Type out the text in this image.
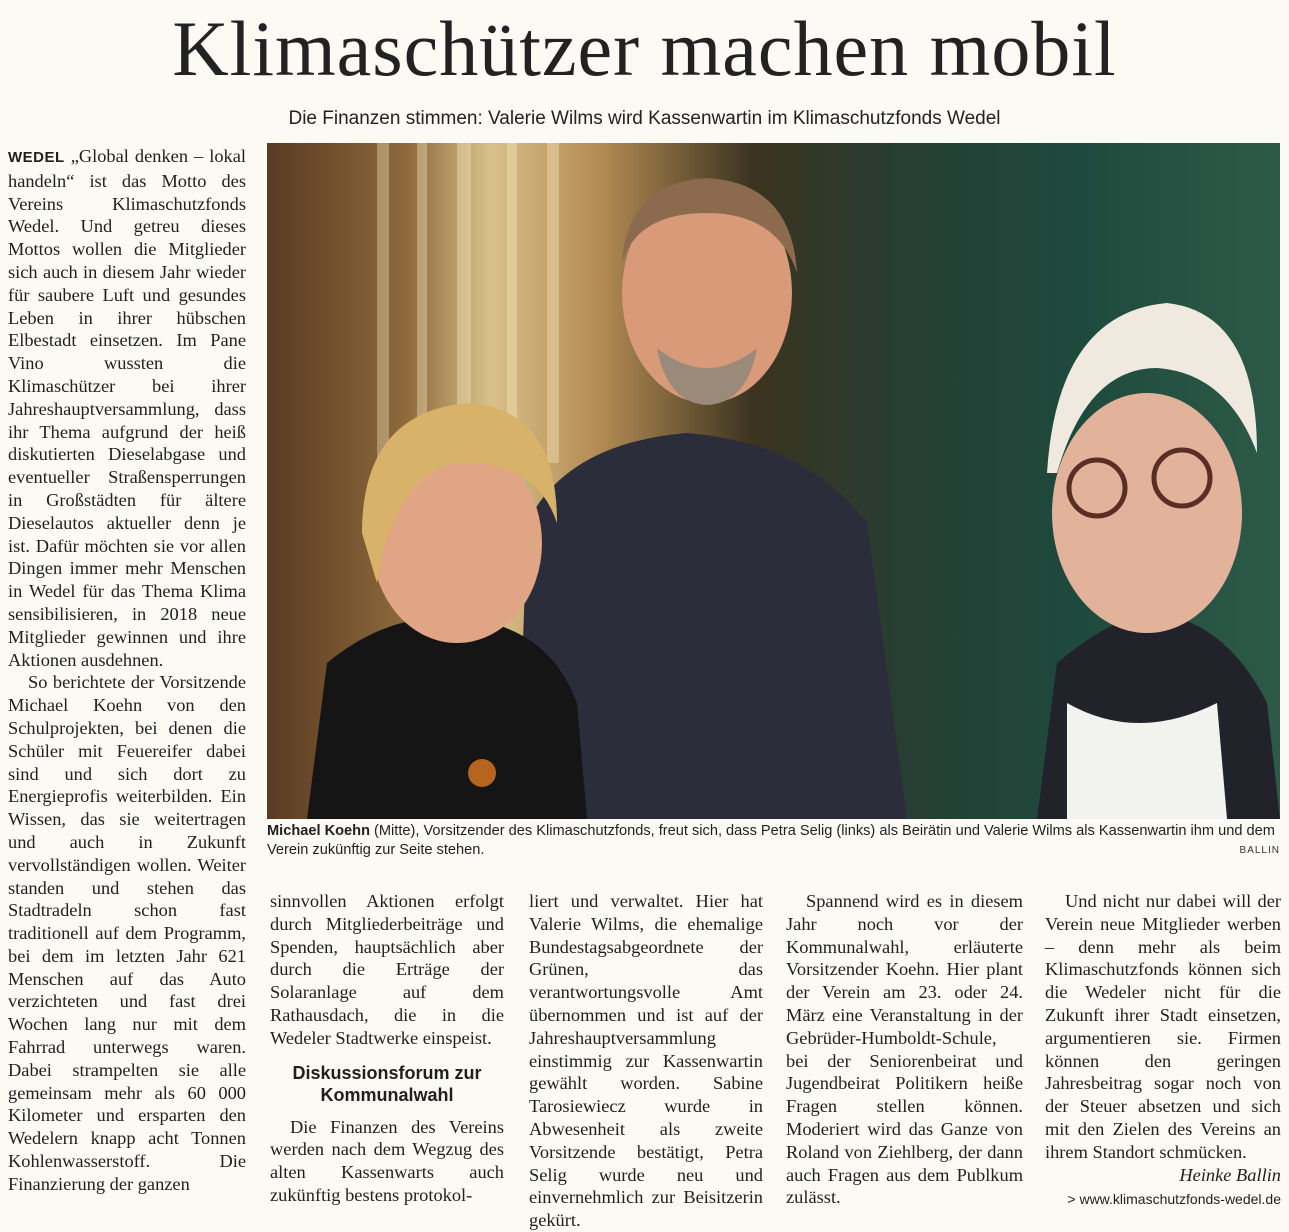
Klimaschützer machen mobil
Die Finanzen stimmen: Valerie Wilms wird Kassenwartin im Klimaschutzfonds Wedel

WEDEL „Global denken – lokal handeln“ ist das Motto des Vereins Klimaschutzfonds Wedel. Und getreu dieses Mottos wollen die Mitglieder sich auch in diesem Jahr wieder für saubere Luft und gesundes Leben in ihrer hübschen Elbestadt einsetzen. Im Pane Vino wussten die Klimaschützer bei ihrer Jahreshauptversammlung, dass ihr Thema aufgrund der heiß diskutierten Dieselabgase und eventueller Straßensperrungen in Großstädten für ältere Dieselautos aktueller denn je ist. Dafür möchten sie vor allen Dingen immer mehr Menschen in Wedel für das Thema Klima sensibilisieren, in 2018 neue Mitglieder gewinnen und ihre Aktionen ausdehnen.

So berichtete der Vorsitzende Michael Koehn von den Schulprojekten, bei denen die Schüler mit Feuereifer dabei sind und sich dort zu Energieprofis weiterbilden. Ein Wissen, das sie weitertragen und auch in Zukunft vervollständigen wollen. Weiter standen und stehen das Stadtradeln schon fast traditionell auf dem Programm, bei dem im letzten Jahr 621 Menschen auf das Auto verzichteten und fast drei Wochen lang nur mit dem Fahrrad unterwegs waren. Dabei strampelten sie alle gemeinsam mehr als 60 000 Kilometer und ersparten den Wedelern knapp acht Tonnen Kohlenwasserstoff. Die Finanzierung der ganzen

Michael Koehn (Mitte), Vorsitzender des Klimaschutzfonds, freut sich, dass Petra Selig (links) als Beirätin und Valerie Wilms als Kassenwartin ihm und dem Verein zukünftig zur Seite stehen.	BALLIN

sinnvollen Aktionen erfolgt durch Mitgliederbeiträge und Spenden, hauptsächlich aber durch die Erträge der Solaranlage auf dem Rathausdach, die in die Wedeler Stadtwerke einspeist.

Diskussionsforum zur Kommunalwahl

Die Finanzen des Vereins werden nach dem Wegzug des alten Kassenwarts auch zukünftig bestens protokol-

liert und verwaltet. Hier hat Valerie Wilms, die ehemalige Bundestagsabgeordnete der Grünen, das verantwortungsvolle Amt übernommen und ist auf der Jahreshauptversammlung einstimmig zur Kassenwartin gewählt worden. Sabine Tarosiewiecz wurde in Abwesenheit als zweite Vorsitzende bestätigt, Petra Selig wurde neu und einvernehmlich zur Beisitzerin gekürt.

Spannend wird es in diesem Jahr noch vor der Kommunalwahl, erläuterte Vorsitzender Koehn. Hier plant der Verein am 23. oder 24. März eine Veranstaltung in der Gebrüder-Humboldt-Schule, bei der Seniorenbeirat und Jugendbeirat Politikern heiße Fragen stellen können. Moderiert wird das Ganze von Roland von Ziehlberg, der dann auch Fragen aus dem Publkum zulässt.

Und nicht nur dabei will der Verein neue Mitglieder werben – denn mehr als beim Klimaschutzfonds können sich die Wedeler nicht für die Zukunft ihrer Stadt einsetzen, argumentieren sie. Firmen können den geringen Jahresbeitrag sogar noch von der Steuer absetzen und sich mit den Zielen des Vereins an ihrem Standort schmücken.

Heinke Ballin
> www.klimaschutzfonds-wedel.de
